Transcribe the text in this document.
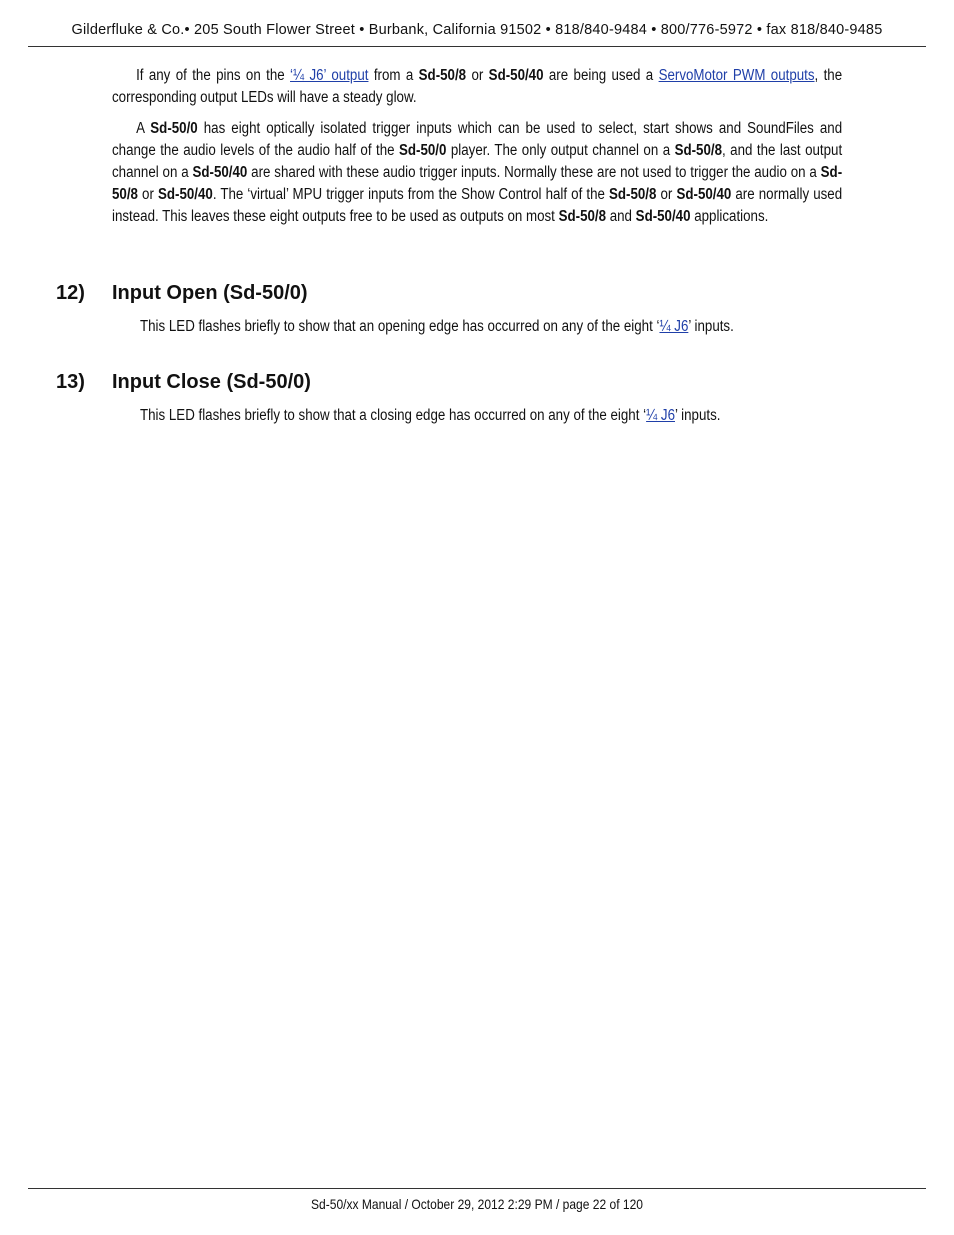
Gilderfluke & Co.• 205 South Flower Street • Burbank, California 91502 • 818/840-9484 • 800/776-5972 • fax 818/840-9485

If any of the pins on the ‘¼ J6’ output from a Sd-50/8 or Sd-50/40 are being used a ServoMotor PWM outputs, the corresponding output LEDs will have a steady glow.

A Sd-50/0 has eight optically isolated trigger inputs which can be used to select, start shows and SoundFiles and change the audio levels of the audio half of the Sd-50/0 player. The only output channel on a Sd-50/8, and the last output channel on a Sd-50/40 are shared with these audio trigger inputs. Normally these are not used to trigger the audio on a Sd-50/8 or Sd-50/40. The ‘virtual’ MPU trigger inputs from the Show Control half of the Sd-50/8 or Sd-50/40 are normally used instead. This leaves these eight outputs free to be used as outputs on most Sd-50/8 and Sd-50/40 applications.

12) Input Open (Sd-50/0)
This LED flashes briefly to show that an opening edge has occurred on any of the eight ‘¼ J6’ inputs.
13) Input Close (Sd-50/0)
This LED flashes briefly to show that a closing edge has occurred on any of the eight ‘¼ J6’ inputs.
Sd-50/xx Manual / October 29, 2012 2:29 PM / page 22 of 120
